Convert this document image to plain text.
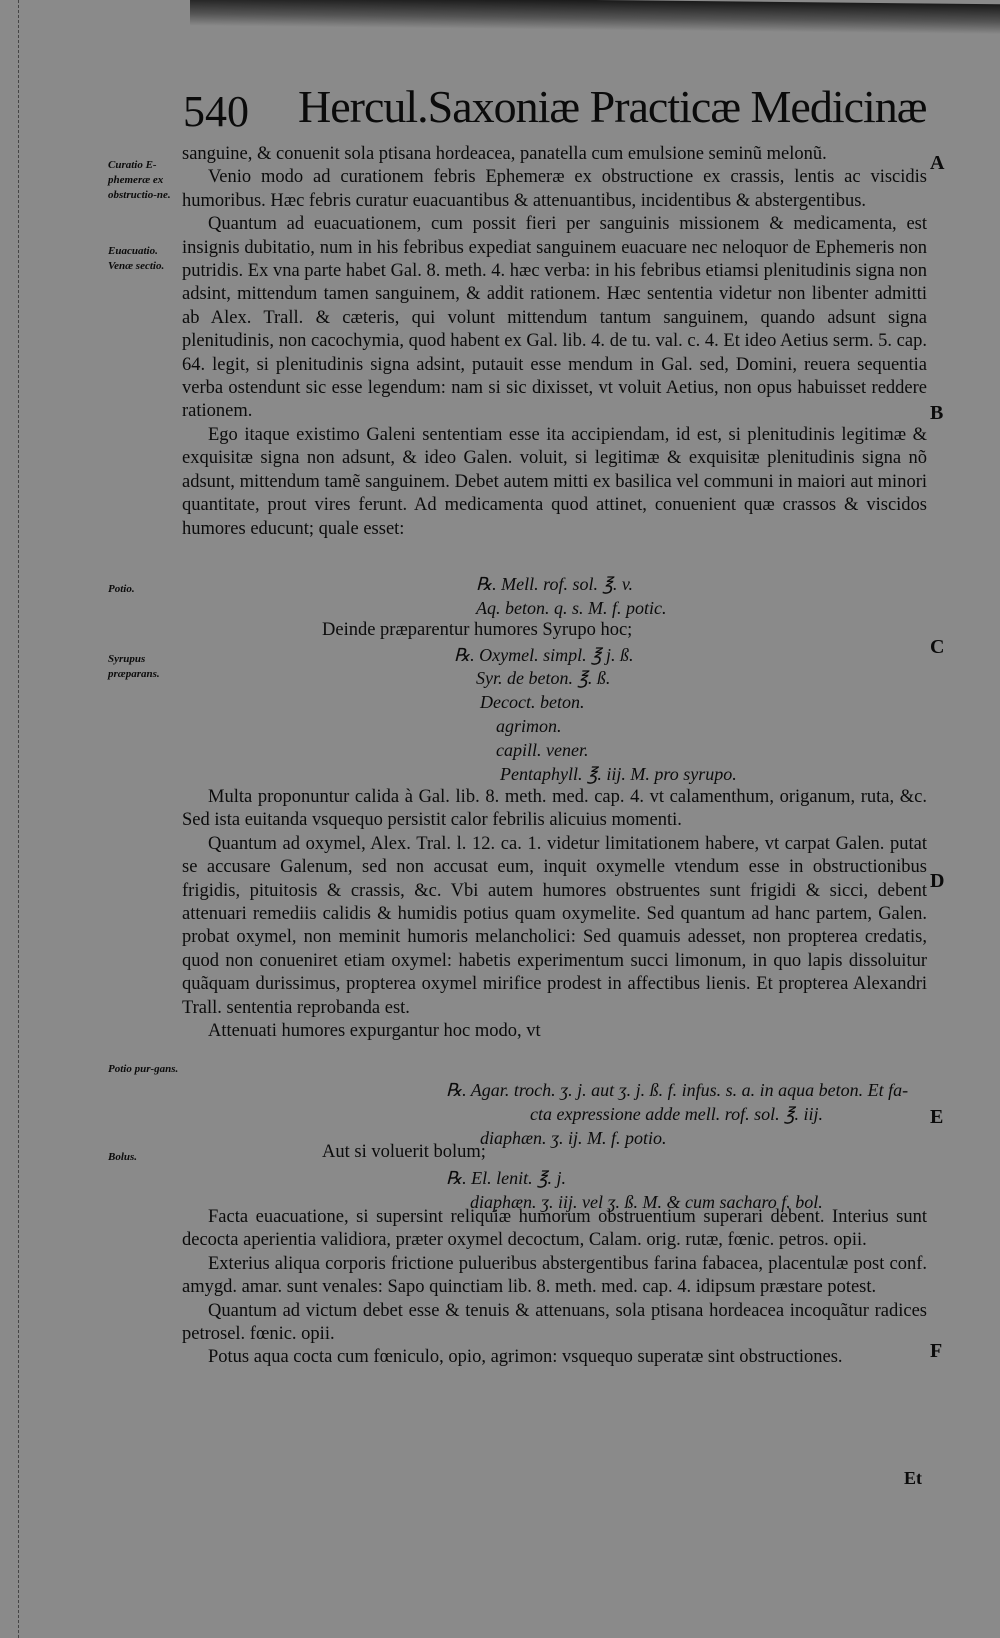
540 Hercul.Saxoniæ Practicæ Medicinæ
Curatio E-phemeræ ex obstructio-ne.
Euacuatio. Venæ sectio.
Potio.
Syrupus præparans.
Potio pur-gans.
Bolus.
A
B
C
D
E
F

sanguine, & conuenit sola ptisana hordeacea, panatella cum emulsione seminũ melonũ.

Venio modo ad curationem febris Ephemeræ ex obstructione ex crassis, lentis ac viscidis humoribus. Hæc febris curatur euacuantibus & attenuantibus, incidentibus & abstergentibus.

Quantum ad euacuationem, cum possit fieri per sanguinis missionem & medicamenta, est insignis dubitatio, num in his febribus expediat sanguinem euacuare nec neloquor de Ephemeris non putridis. Ex vna parte habet Gal. 8. meth. 4. hæc verba: in his febribus etiamsi plenitudinis signa non adsint, mittendum tamen sanguinem, & addit rationem. Hæc sententia videtur non libenter admitti ab Alex. Trall. & cæteris, qui volunt mittendum tantum sanguinem, quando adsunt signa plenitudinis, non cacochymia, quod habent ex Gal. lib. 4. de tu. val. c. 4. Et ideo Aetius serm. 5. cap. 64. legit, si plenitudinis signa adsint, putauit esse mendum in Gal. sed, Domini, reuera sequentia verba ostendunt sic esse legendum: nam si sic dixisset, vt voluit Aetius, non opus habuisset reddere rationem.

Ego itaque existimo Galeni sententiam esse ita accipiendam, id est, si plenitudinis legitimæ & exquisitæ signa non adsunt, & ideo Galen. voluit, si legitimæ & exquisitæ plenitudinis signa nõ adsunt, mittendum tamẽ sanguinem. Debet autem mitti ex basilica vel communi in maiori aut minori quantitate, prout vires ferunt. Ad medicamenta quod attinet, conuenient quæ crassos & viscidos humores educunt; quale esset:

℞. Mell. rof. sol. ℥. v.
Aq. beton. q. s. M. f. potic.
Deinde præparentur humores Syrupo hoc;
℞. Oxymel. simpl. ℥ j. ß.
Syr. de beton. ℥. ß.
Decoct. beton.
agrimon.
capill. vener.
Pentaphyll. ℥. iij. M. pro syrupo.

Multa proponuntur calida à Gal. lib. 8. meth. med. cap. 4. vt calamenthum, origanum, ruta, &c. Sed ista euitanda vsquequo persistit calor febrilis alicuius momenti.

Quantum ad oxymel, Alex. Tral. l. 12. ca. 1. videtur limitationem habere, vt carpat Galen. putat se accusare Galenum, sed non accusat eum, inquit oxymelle vtendum esse in obstructionibus frigidis, pituitosis & crassis, &c. Vbi autem humores obstruentes sunt frigidi & sicci, debent attenuari remediis calidis & humidis potius quam oxymelite. Sed quantum ad hanc partem, Galen. probat oxymel, non meminit humoris melancholici: Sed quamuis adesset, non propterea credatis, quod non conueniret etiam oxymel: habetis experimentum succi limonum, in quo lapis dissoluitur quãquam durissimus, propterea oxymel mirifice prodest in affectibus lienis. Et propterea Alexandri Trall. sententia reprobanda est.

Attenuati humores expurgantur hoc modo, vt

℞. Agar. troch. ʒ. j. aut ʒ. j. ß. f. infus. s. a. in aqua beton. Et fa-
cta expressione adde mell. rof. sol. ℥. iij.
diaphæn. ʒ. ij. M. f. potio.
Aut si voluerit bolum;
℞. El. lenit. ℥. j.
diaphæn. ʒ. iij. vel ʒ. ß. M. & cum sacharo f. bol.

Facta euacuatione, si supersint reliquiæ humorum obstruentium superari debent. Interius sunt decocta aperientia validiora, præter oxymel decoctum, Calam. orig. rutæ, fœnic. petros. opii.

Exterius aliqua corporis frictione pulueribus abstergentibus farina fabacea, placentulæ post conf. amygd. amar. sunt venales: Sapo quinctiam lib. 8. meth. med. cap. 4. idipsum præstare potest.

Quantum ad victum debet esse & tenuis & attenuans, sola ptisana hordeacea incoquãtur radices petrosel. fœnic. opii.

Potus aqua cocta cum fœniculo, opio, agrimon: vsquequo superatæ sint obstructiones.

Et
